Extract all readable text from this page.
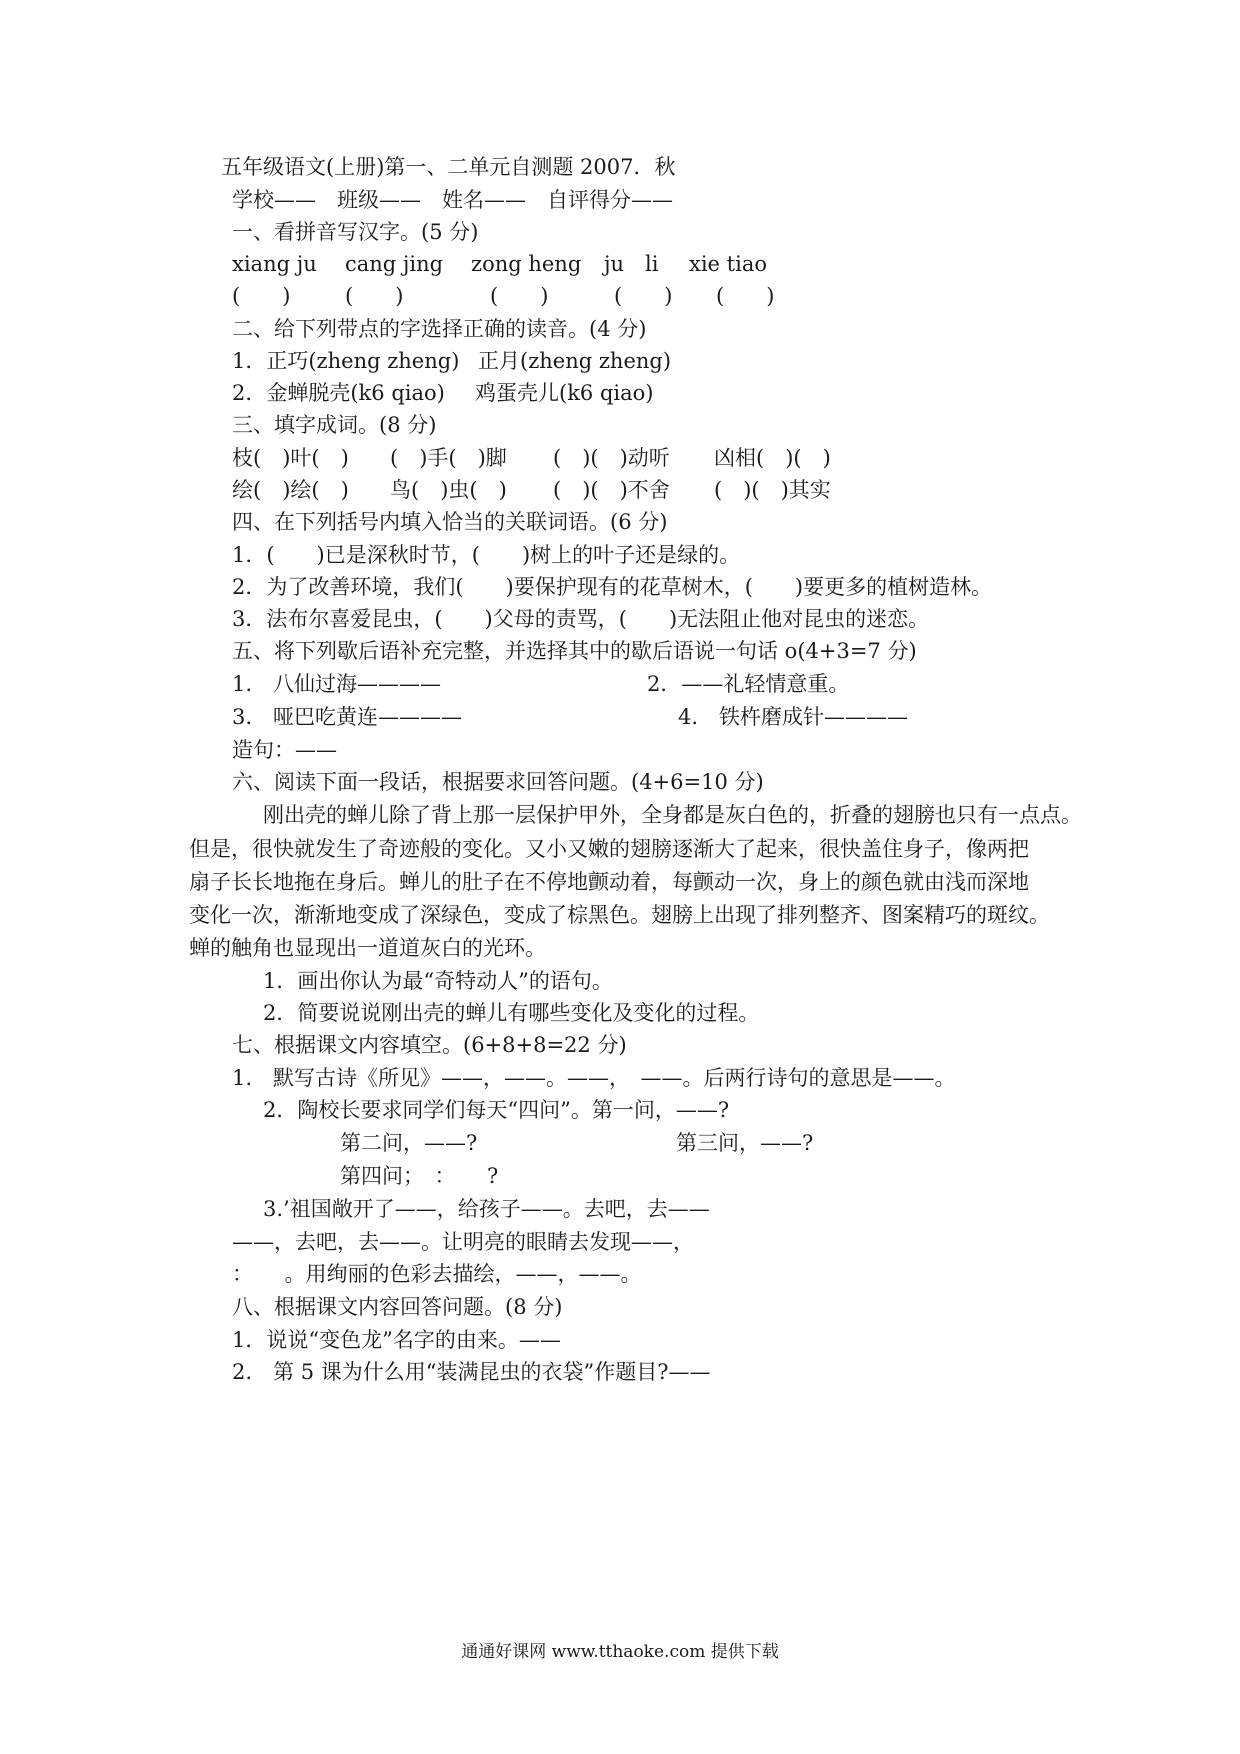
五年级语文(上册)第一、二单元自测题 2007．秋
学校——　班级——　姓名——　自评得分——
一、看拼音写汉字。(5 分)
xiang ju cang jing zong heng ju　li xie tiao
(　　)	(　　)	(　　)	(　　) (　　)
二、给下列带点的字选择正确的读音。(4 分)
1．正巧(zheng zheng) 正月(zheng zheng)
2．金蝉脱壳(k6 qiao) 鸡蛋壳儿(k6 qiao)
三、填字成词。(8 分)
枝(　)叶(　) (　)手(　)脚 (　)(　)动听 凶相(　)(　)
绘(　)绘(　) 鸟(　)虫(　) (　)(　)不舍 (　)(　)其实
四、在下列括号内填入恰当的关联词语。(6 分)
1．(　　)已是深秋时节，(　　)树上的叶子还是绿的。
2．为了改善环境，我们(　　)要保护现有的花草树木，(　　)要更多的植树造林。
3．法布尔喜爱昆虫，(　　)父母的责骂，(　　)无法阻止他对昆虫的迷恋。
五、将下列歇后语补充完整，并选择其中的歇后语说一句话 o(4+3=7 分)
1.　八仙过海————	2．——礼轻情意重。
3.　哑巴吃黄连————	4.　铁杵磨成针————
造句：——
六、阅读下面一段话，根据要求回答问题。(4+6=10 分)
刚出壳的蝉儿除了背上那一层保护甲外，全身都是灰白色的，折叠的翅膀也只有一点点。
但是，很快就发生了奇迹般的变化。又小又嫩的翅膀逐渐大了起来，很快盖住身子，像两把
扇子长长地拖在身后。蝉儿的肚子在不停地颤动着，每颤动一次，身上的颜色就由浅而深地
变化一次，渐渐地变成了深绿色，变成了棕黑色。翅膀上出现了排列整齐、图案精巧的斑纹。
蝉的触角也显现出一道道灰白的光环。
1．画出你认为最“奇特动人”的语句。
2．简要说说刚出壳的蝉儿有哪些变化及变化的过程。
七、根据课文内容填空。(6+8+8=22 分)
1.　默写古诗《所见》——，——。——，　——。后两行诗句的意思是——。
2．陶校长要求同学们每天“四问”。第一问，——?
第二问，——?	第三问，——?
第四问；　：　　?
3.’祖国敞开了——，给孩子——。去吧，去——
——，去吧，去——。让明亮的眼睛去发现——，
：　　。用绚丽的色彩去描绘，——，——。
八、根据课文内容回答问题。(8 分)
1．说说“变色龙”名字的由来。——
2.　第 5 课为什么用“装满昆虫的衣袋”作题目?——
通通好课网 www.tthaoke.com 提供下载
